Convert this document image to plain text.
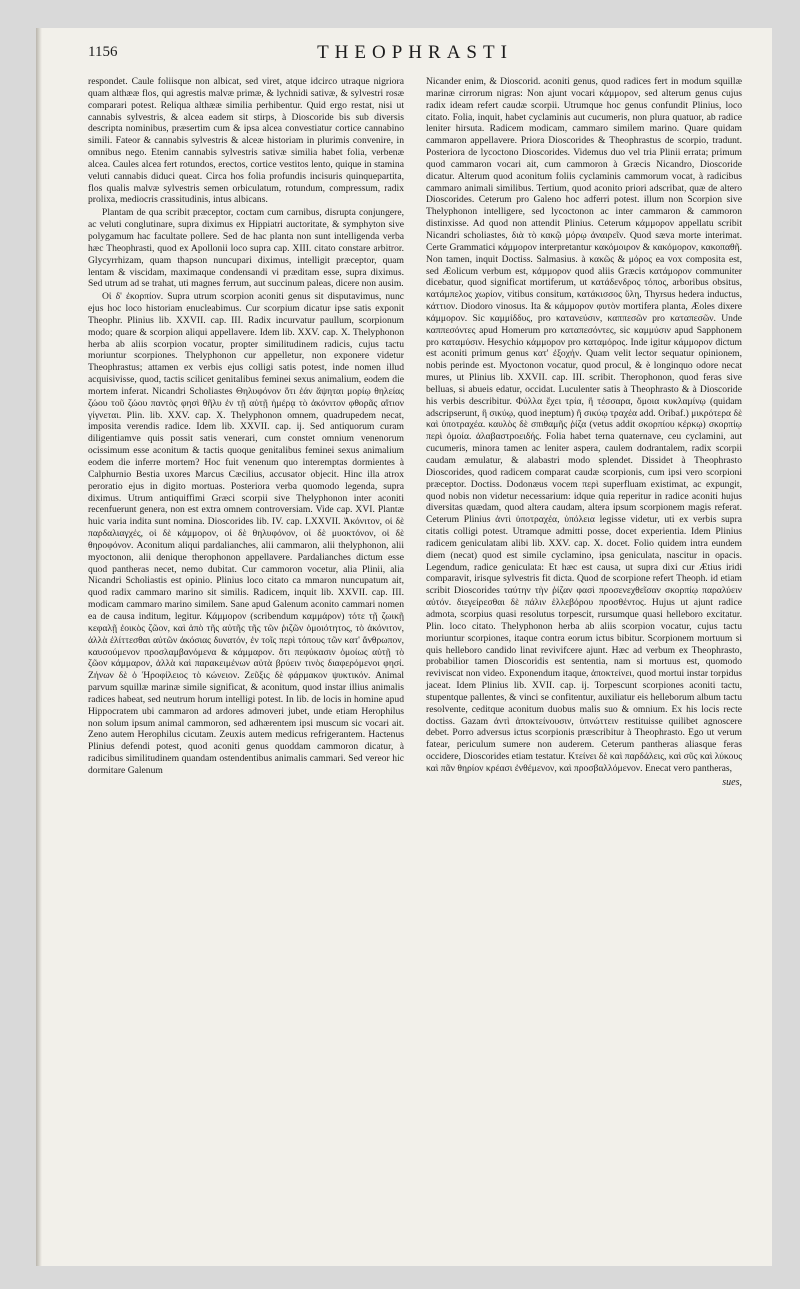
1156	THEOPHRASTI

respondet. Caule foliisque non albicat, sed viret, atque idcirco utraque nigriora quam althææ flos, qui agrestis malvæ primæ, & lychnidi sativæ, & sylvestri rosæ comparari potest. Reliqua althææ similia perhibentur. Quid ergo restat, nisi ut cannabis sylvestris, & alcea eadem sit stirps, à Dioscoride bis sub diversis descripta nominibus, præsertim cum & ipsa alcea convestiatur cortice cannabino simili. Fateor & cannabis sylvestris & alceæ historiam in plurimis convenire, in omnibus nego. Etenim cannabis sylvestris sativæ similia habet folia, verbenæ alcea. Caules alcea fert rotundos, erectos, cortice vestitos lento, quique in stamina veluti cannabis diduci queat. Circa hos folia profundis incisuris quinquepartita, flos qualis malvæ sylvestris semen orbiculatum, rotundum, compressum, radix prolixa, mediocris crassitudinis, intus albicans.

Plantam de qua scribit præceptor, coctam cum carnibus, disrupta conjungere, ac veluti conglutinare, supra diximus ex Hippiatri auctoritate, & symphyton sive polygamum hac facultate pollere. Sed de hac planta non sunt intelligenda verba hæc Theophrasti, quod ex Apollonii loco supra cap. XIII. citato constare arbitror. Glycyrrhizam, quam thapson nuncupari diximus, intelligit præceptor, quam lentam & viscidam, maximaque condensandi vi præditam esse, supra diximus. Sed utrum ad se trahat, uti magnes ferrum, aut succinum paleas, dicere non ausim.

Οἱ δ' ἐκορπίον. Supra utrum scorpion aconiti genus sit disputavimus, nunc ejus hoc loco historiam enucleabimus. Cur scorpium dicatur ipse satis exponit Theophr. Plinius lib. XXVII. cap. III. Radix incurvatur paullum, scorpionum modo; quare & scorpion aliqui appellavere. Idem lib. XXV. cap. X. Thelyphonon herba ab aliis scorpion vocatur, propter similitudinem radicis, cujus tactu moriuntur scorpiones. Thelyphonon cur appelletur, non exponere videtur Theophrastus; attamen ex verbis ejus colligi satis potest, inde nomen illud acquisivisse, quod, tactis scilicet genitalibus feminei sexus animalium, eodem die mortem inferat. Nicandri Scholiastes Θηλυφόνον ὅτι ἐάν ἅψηται μορίῳ θηλείας ζώου τοῦ ζώου παντὸς φησὶ θῆλυ ἐν τῇ αὐτῇ ἡμέρᾳ τὸ ἀκόνιτον φθορᾶς αἴτιον γίγνεται. Plin. lib. XXV. cap. X. Thelyphonon omnem, quadrupedem necat, imposita verendis radice. Idem lib. XXVII. cap. ij. Sed antiquorum curam diligentiamve quis possit satis venerari, cum constet omnium venenorum ocissimum esse aconitum & tactis quoque genitalibus feminei sexus animalium eodem die inferre mortem? Hoc fuit venenum quo interemptas dormientes à Calphurnio Bestia uxores Marcus Cæcilius, accusator objecit. Hinc illa atrox peroratio ejus in digito mortuas. Posteriora verba quomodo legenda, supra diximus. Utrum antiquiffimi Græci scorpii sive Thelyphonon inter aconiti recenfuerunt genera, non est extra omnem controversiam. Vide cap. XVI. Plantæ huic varia indita sunt nomina. Dioscorides lib. IV. cap. LXXVII. Ἀκόνιτον, οἱ δὲ παρδαλιαγχές, οἱ δὲ κάμμορον, οἱ δὲ θηλυφόνον, οἱ δὲ μυοκτόνον, οἱ δὲ θηροφόνον. Aconitum aliqui pardalianches, alii cammaron, alii thelyphonon, alii myoctonon, alii denique therophonon appellavere. Pardalianches dictum esse quod pantheras necet, nemo dubitat. Cur cammoron vocetur, alia Plinii, alia Nicandri Scholiastis est opinio. Plinius loco citato ca mmaron nuncupatum ait, quod radix cammaro marino sit similis. Radicem, inquit lib. XXVII. cap. III. modicam cammaro marino similem. Sane apud Galenum aconito cammari nomen ea de causa inditum, legitur. Κάμμορον (scribendum καμμάρον) τότε τῇ ζωικῇ κεφαλῇ ἐοικὸς ζῶον, καὶ ἀπὸ τῆς αὐτῆς τῆς τῶν ῥιζῶν ὁμοιότητος, τὸ ἀκόνιτον, ἀλλὰ ἐλίττεσθαι αὐτῶν ἀκόσιας δυνατόν, ἐν τοῖς περὶ τόπους τῶν κατ' ἄνθρωπον, καυσούμενον προσλαμβανόμενα & κάμμαρον. ὅτι πεφύκασιν ὁμοίως αὐτῇ τὸ ζῶον κάμμαρον, ἀλλὰ καὶ παρακειμένων αὐτὰ βρύειν τινὸς διαφερόμενοι φησί. Ζήνων δὲ ὁ Ἡροφίλειος τὸ κώνειον. Ζεῦξις δὲ φάρμακον ψυκτικόν. Animal parvum squillæ marinæ simile significat, & aconitum, quod instar illius animalis radices habeat, sed neutrum horum intelligi potest. In lib. de locis in homine apud Hippocratem ubi cammaron ad ardores admoveri jubet, unde etiam Herophilus non solum ipsum animal cammoron, sed adhærentem ipsi muscum sic vocari ait. Zeno autem Herophilus cicutam. Zeuxis autem medicus refrigerantem. Hactenus Plinius defendi potest, quod aconiti genus quoddam cammoron dicatur, à radicibus similitudinem quandam ostendentibus animalis cammari. Sed vereor hic dormitare Galenum

Nicander enim, & Dioscorid. aconiti genus, quod radices fert in modum squillæ marinæ cirrorum nigras: Non ajunt vocari κάμμορον, sed alterum genus cujus radix ideam refert caudæ scorpii. Utrumque hoc genus confundit Plinius, loco citato. Folia, inquit, habet cyclaminis aut cucumeris, non plura quatuor, ab radice leniter hirsuta. Radicem modicam, cammaro similem marino. Quare quidam cammaron appellavere. Priora Dioscorides & Theophrastus de scorpio, tradunt. Posteriora de lycoctono Dioscorides. Videmus duo vel tria Plinii errata; primum quod cammaron vocari ait, cum cammoron à Græcis Nicandro, Dioscoride dicatur. Alterum quod aconitum foliis cyclaminis cammorum vocat, à radicibus cammaro animali similibus. Tertium, quod aconito priori adscribat, quæ de altero Dioscorides. Ceterum pro Galeno hoc adferri potest. illum non Scorpion sive Thelyphonon intelligere, sed lycoctonon ac inter cammaron & cammoron distinxisse. Ad quod non attendit Plinius. Ceterum κάμμορον appellatu scribit Nicandri scholiastes, διὰ τὸ κακῷ μόρῳ ἀναιρεῖν. Quod sæva morte interimat. Certe Grammatici κάμμορον interpretantur κακόμοιρον & κακόμορον, κακοπαθῆ. Non tamen, inquit Doctiss. Salmasius. à κακῶς & μόρος ea vox composita est, sed Æolicum verbum est, κάμμορον quod aliis Græcis κατάμορον communiter dicebatur, quod significat mortiferum, ut κατάδενδρος τόπος, arboribus obsitus, κατάμπελος χωρίον, vitibus consitum, κατάκισσος ὕλη, Thyrsus hedera inductus, κάττιον. Diodoro vinosus. Ita & κάμμορον φυτὸν mortifera planta, Æoles dixere κάμμορον. Sic καμμίδδυς, pro κατανεύσιν, καππεσῶν pro καταπεσῶν. Unde καππεσόντες apud Homerum pro καταπεσόντες, sic καμμύσιν apud Sapphonem pro καταμύσιν. Hesychio κάμμορον pro καταμόρος. Inde igitur κάμμορον dictum est aconiti primum genus κατ' ἐξοχήν. Quam velit lector sequatur opinionem, nobis perinde est. Myoctonon vocatur, quod procul, & è longinquo odore necat mures, ut Plinius lib. XXVII. cap. III. scribit. Therophonon, quod feras sive belluas, si abueis edatur, occidat. Luculenter satis à Theophrasto & à Dioscoride his verbis describitur. Φύλλα ἔχει τρία, ἢ τέσσαρα, ὅμοια κυκλαμίνῳ (quidam adscripserunt, ἢ σικύῳ, quod ineptum) ἢ σικύῳ τραχέα add. Oribaf.) μικρότερα δὲ καὶ ὑποτραχέα. καυλὸς δὲ σπιθαμῆς ῥίζα (vetus addit σκορπίου κέρκῳ) σκορπίῳ περὶ ὁμοία. ἀλαβαστροειδής. Folia habet terna quaternave, ceu cyclamini, aut cucumeris, minora tamen ac leniter aspera, caulem dodrantalem, radix scorpii caudam æmulatur, & alabastri modo splendet. Dissidet à Theophrasto Dioscorides, quod radicem comparat caudæ scorpionis, cum ipsi vero scorpioni præceptor. Doctiss. Dodonæus vocem περὶ superfluam existimat, ac expungit, quod nobis non videtur necessarium: idque quia reperitur in radice aconiti hujus diversitas quædam, quod altera caudam, altera ipsum scorpionem magis referat. Ceterum Plinius ἀντὶ ὑποτραχέα, ὑπόλεια legisse videtur, uti ex verbis supra citatis colligi potest. Utramque admitti posse, docet experientia. Idem Plinius radicem geniculatam alibi lib. XXV. cap. X. docet. Folio quidem intra eundem diem (necat) quod est simile cyclamino, ipsa geniculata, nascitur in opacis. Legendum, radice geniculata: Et hæc est causa, ut supra dixi cur Ætius iridi comparavit, irisque sylvestris fit dicta. Quod de scorpione refert Theoph. id etiam scribit Dioscorides ταύτην τὴν ῥίζαν φασὶ προσενεχθεῖσαν σκορπίῳ παραλύειν αὐτόν. διεγείρεσθαι δὲ πάλιν ἑλλεβόρου προσθέντος. Hujus ut ajunt radice admota, scorpius quasi resolutus torpescit, rursumque quasi helleboro excitatur. Plin. loco citato. Thelyphonon herba ab aliis scorpion vocatur, cujus tactu moriuntur scorpiones, itaque contra eorum ictus bibitur. Scorpionem mortuum si quis helleboro candido linat revivifcere ajunt. Hæc ad verbum ex Theophrasto, probabilior tamen Dioscoridis est sententia, nam si mortuus est, quomodo reviviscat non video. Exponendum itaque, ἀποκτείνει, quod mortui instar torpidus jaceat. Idem Plinius lib. XVII. cap. ij. Torpescunt scorpiones aconiti tactu, stupentque pallentes, & vinci se confitentur, auxiliatur eis helleborum album tactu resolvente, ceditque aconitum duobus malis suo & omnium. Ex his locis recte doctiss. Gazam ἀντὶ ἀποκτείνουσιν, ὑπνώττειν restituisse quilibet agnoscere debet. Porro adversus ictus scorpionis præscribitur à Theophrasto. Ego ut verum fatear, periculum sumere non auderem. Ceterum pantheras aliasque feras occidere, Dioscorides etiam testatur. Κτείνει δὲ καὶ παρδάλεις, καὶ σῦς καὶ λύκους καὶ πᾶν θηρίον κρέασι ἐνθέμενον, καὶ προσβαλλόμενον. Enecat vero pantheras,

sues,
